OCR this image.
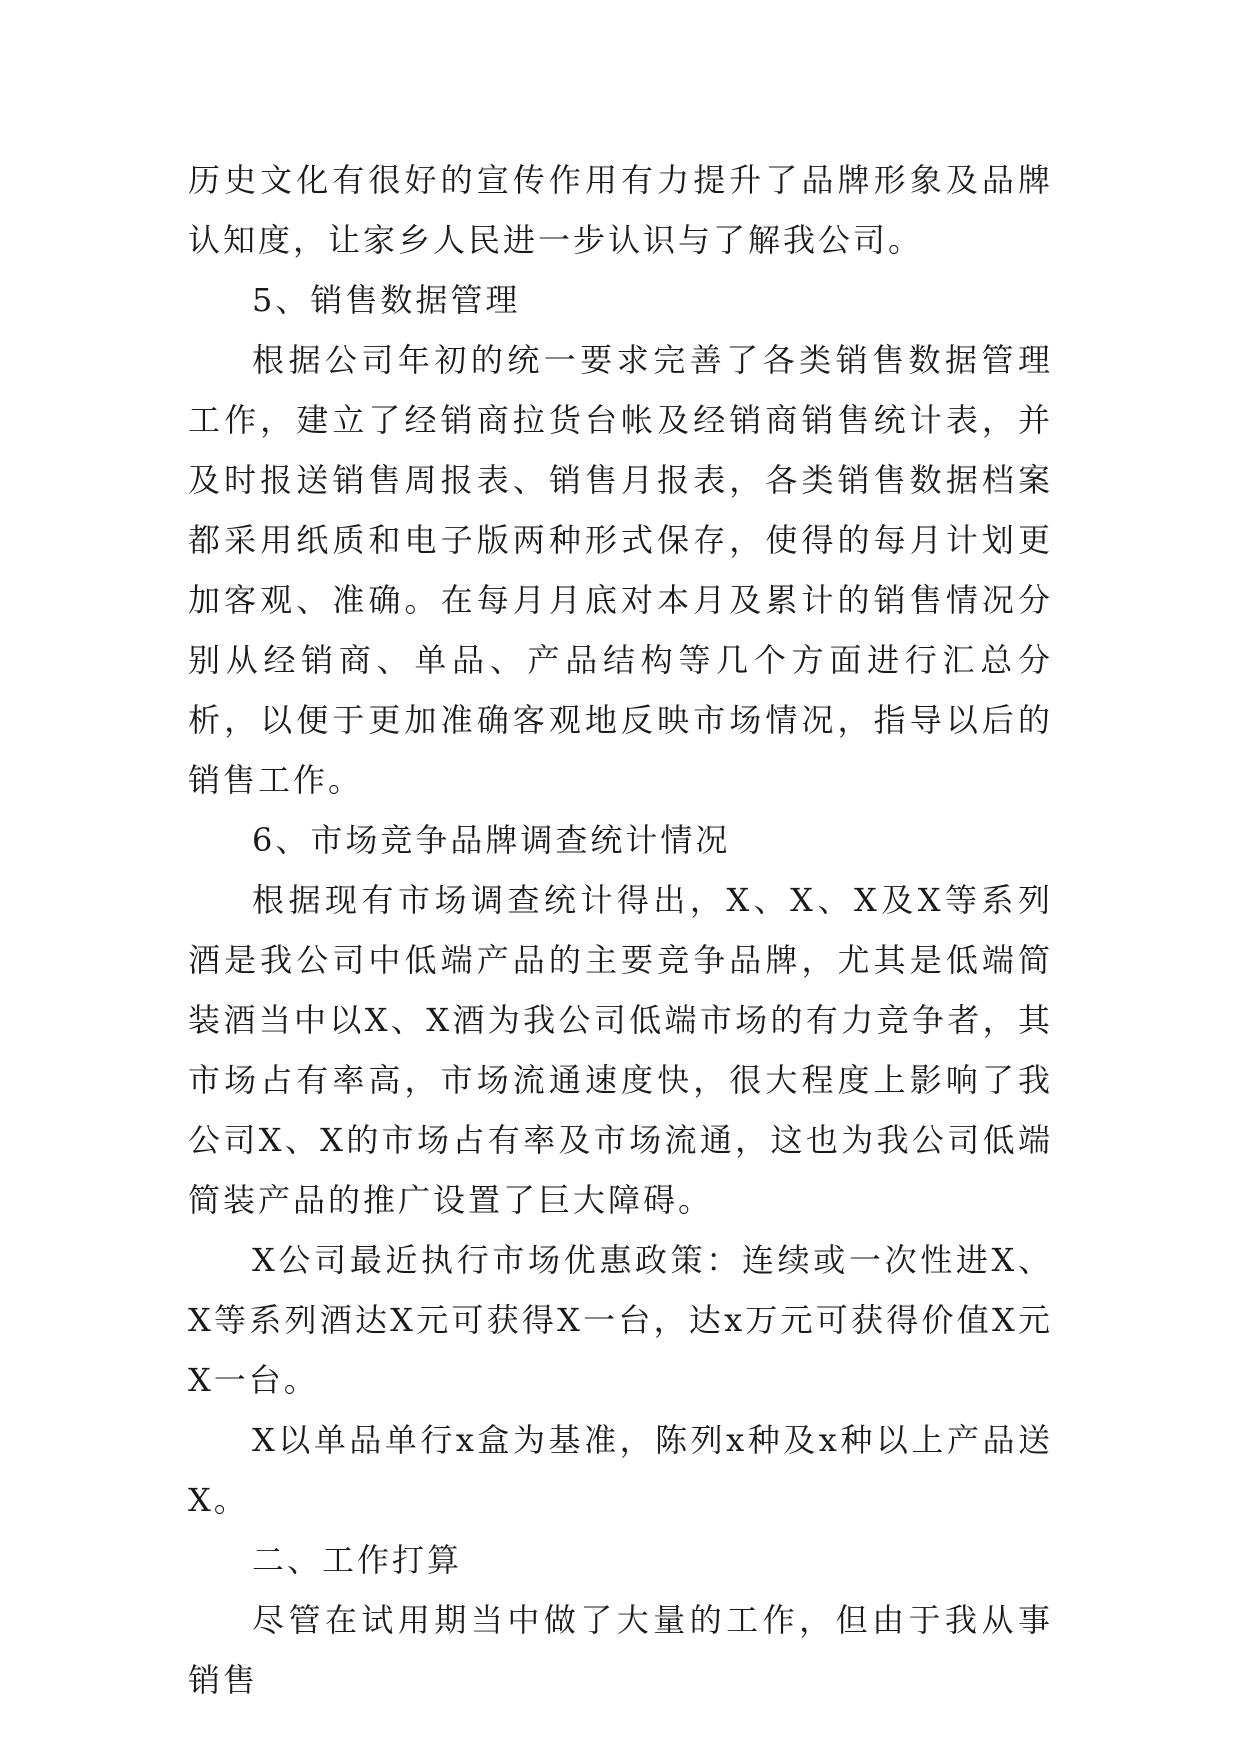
历史文化有很好的宣传作用有力提升了品牌形象及品牌认知度，让家乡人民进一步认识与了解我公司。

5、销售数据管理

根据公司年初的统一要求完善了各类销售数据管理工作，建立了经销商拉货台帐及经销商销售统计表，并及时报送销售周报表、销售月报表，各类销售数据档案都采用纸质和电子版两种形式保存，使得的每月计划更加客观、准确。在每月月底对本月及累计的销售情况分别从经销商、单品、产品结构等几个方面进行汇总分析，以便于更加准确客观地反映市场情况，指导以后的销售工作。

6、市场竞争品牌调查统计情况

根据现有市场调查统计得出，X、X、X及X等系列酒是我公司中低端产品的主要竞争品牌，尤其是低端简装酒当中以X、X酒为我公司低端市场的有力竞争者，其市场占有率高，市场流通速度快，很大程度上影响了我公司X、X的市场占有率及市场流通，这也为我公司低端简装产品的推广设置了巨大障碍。

X公司最近执行市场优惠政策：连续或一次性进X、X等系列酒达X元可获得X一台，达x万元可获得价值X元X一台。

X以单品单行x盒为基准，陈列x种及x种以上产品送X。

二、工作打算

尽管在试用期当中做了大量的工作，但由于我从事销售
